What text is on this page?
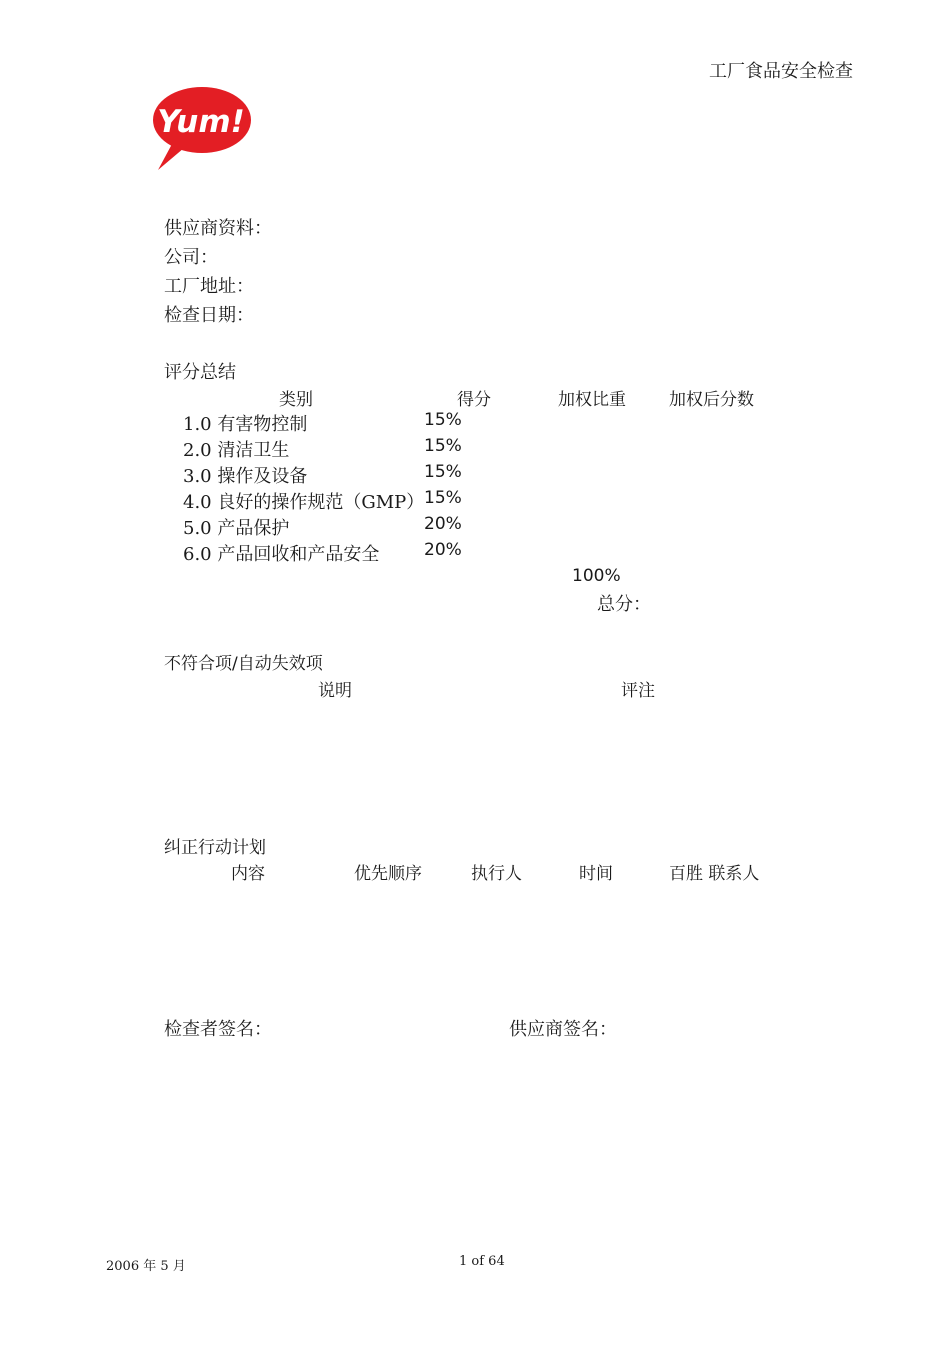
工厂食品安全检查
Yum!
供应商资料：
公司：
工厂地址：
检查日期：
评分总结
类别	得分	加权比重	加权后分数
1.0 有害物控制	15%
2.0 清洁卫生	15%
3.0 操作及设备	15%
4.0 良好的操作规范（GMP） 15%
5.0 产品保护	20%
6.0 产品回收和产品安全	20%
100%
总分：
不符合项/自动失效项
说明	评注
纠正行动计划
内容	优先顺序	执行人	时间	百胜 联系人
检查者签名：	供应商签名：
2006 年 5 月	1 of 64
